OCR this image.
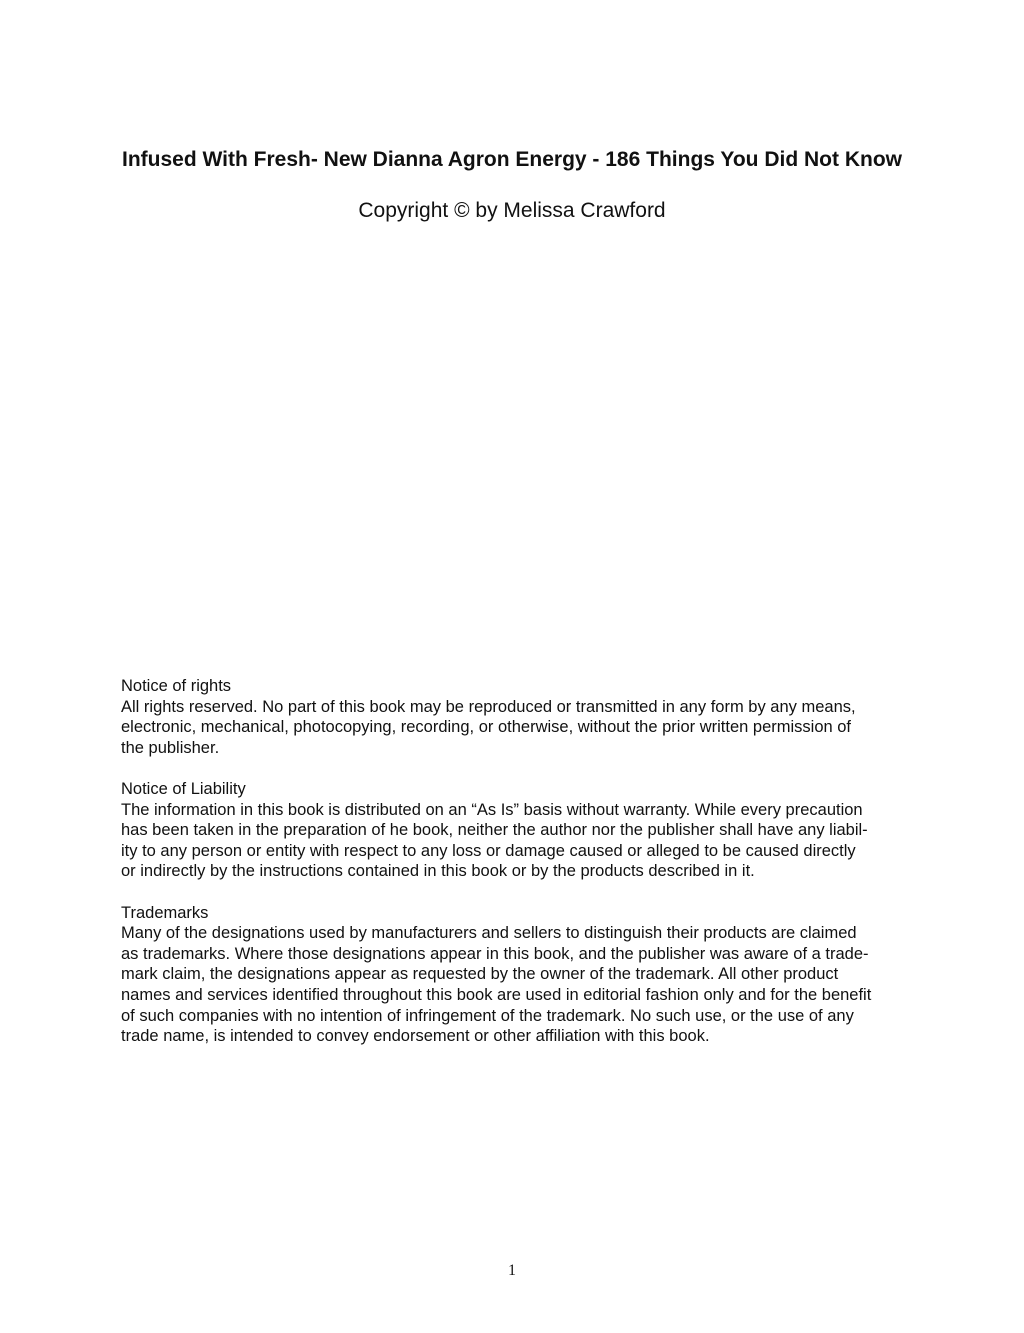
Infused With Fresh- New Dianna Agron Energy - 186 Things You Did Not Know

Copyright © by Melissa Crawford

Notice of rights
All rights reserved. No part of this book may be reproduced or transmitted in any form by any means,
electronic, mechanical, photocopying, recording, or otherwise, without the prior written permission of
the publisher.
Notice of Liability
The information in this book is distributed on an “As Is” basis without warranty. While every precaution
has been taken in the preparation of he book, neither the author nor the publisher shall have any liabil-
ity to any person or entity with respect to any loss or damage caused or alleged to be caused directly
or indirectly by the instructions contained in this book or by the products described in it.
Trademarks
Many of the designations used by manufacturers and sellers to distinguish their products are claimed
as trademarks. Where those designations appear in this book, and the publisher was aware of a trade-
mark claim, the designations appear as requested by the owner of the trademark. All other product
names and services identified throughout this book are used in editorial fashion only and for the benefit
of such companies with no intention of infringement of the trademark. No such use, or the use of any
trade name, is intended to convey endorsement or other affiliation with this book.

1
